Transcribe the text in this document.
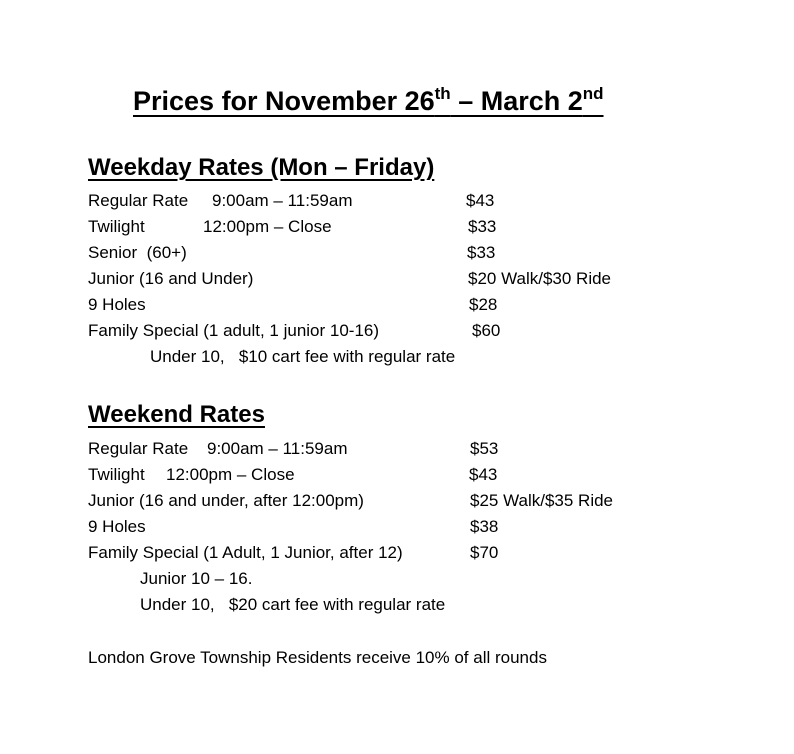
Prices for November 26th – March 2nd
Weekday Rates (Mon – Friday)
Regular Rate 9:00am – 11:59am	$43
Twilight	12:00pm – Close	$33
Senior  (60+)	$33
Junior (16 and Under)	$20 Walk/$30 Ride
9 Holes	$28
Family Special (1 adult, 1 junior 10-16)	$60
Under 10,   $10 cart fee with regular rate
Weekend Rates
Regular Rate 9:00am – 11:59am	$53
Twilight 12:00pm – Close	$43
Junior (16 and under, after 12:00pm)	$25 Walk/$35 Ride
9 Holes	$38
Family Special (1 Adult, 1 Junior, after 12)	$70
Junior 10 – 16.
Under 10,   $20 cart fee with regular rate
London Grove Township Residents receive 10% of all rounds
